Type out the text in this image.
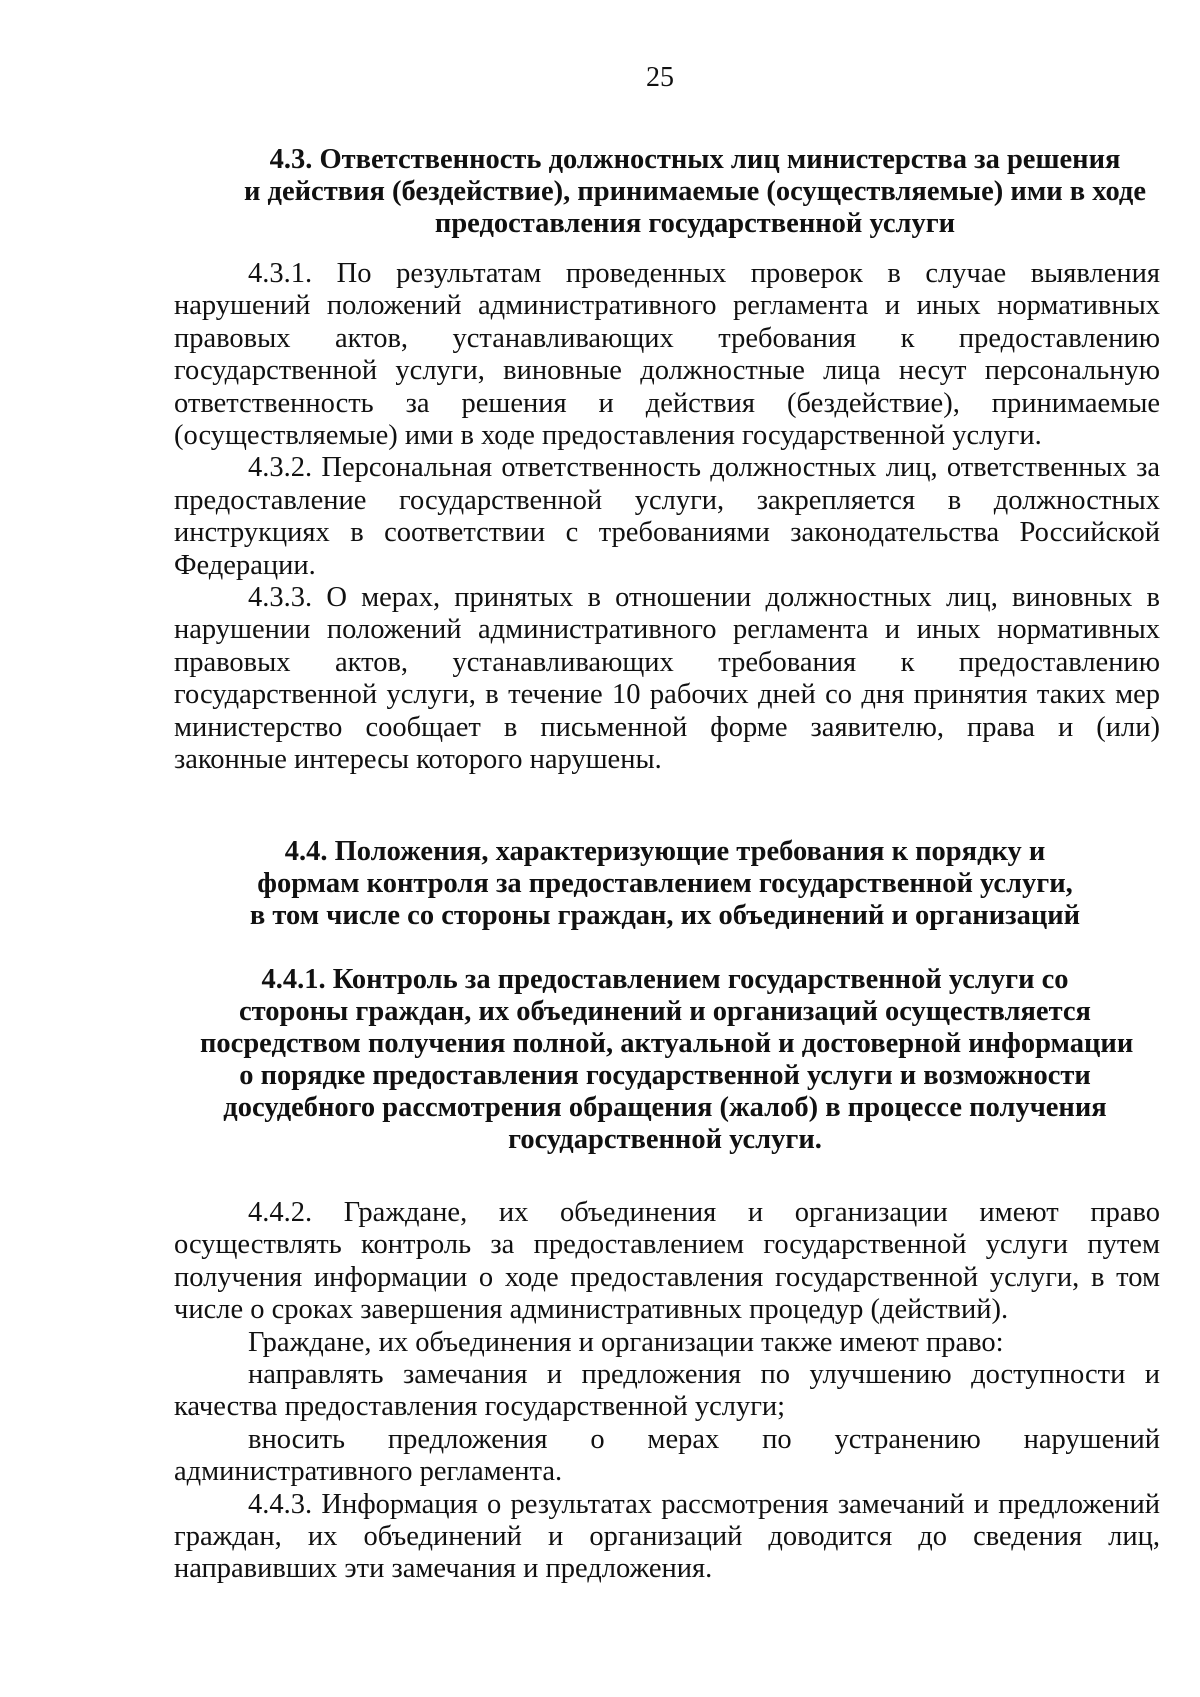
25
4.3. Ответственность должностных лиц министерства за решения
и действия (бездействие), принимаемые (осуществляемые) ими в ходе
предоставления государственной услуги
4.3.1. По результатам проведенных проверок в случае выявления
нарушений положений административного регламента и иных нормативных
правовых актов, устанавливающих требования к предоставлению
государственной услуги, виновные должностные лица несут персональную
ответственность за решения и действия (бездействие), принимаемые
(осуществляемые) ими в ходе предоставления государственной услуги.
4.3.2. Персональная ответственность должностных лиц, ответственных за
предоставление государственной услуги, закрепляется в должностных
инструкциях в соответствии с требованиями законодательства Российской
Федерации.
4.3.3. О мерах, принятых в отношении должностных лиц, виновных в
нарушении положений административного регламента и иных нормативных
правовых актов, устанавливающих требования к предоставлению
государственной услуги, в течение 10 рабочих дней со дня принятия таких мер
министерство сообщает в письменной форме заявителю, права и (или)
законные интересы которого нарушены.
4.4. Положения, характеризующие требования к порядку и
формам контроля за предоставлением государственной услуги,
в том числе со стороны граждан, их объединений и организаций
4.4.1. Контроль за предоставлением государственной услуги со
стороны граждан, их объединений и организаций осуществляется
посредством получения полной, актуальной и достоверной информации
о порядке предоставления государственной услуги и возможности
досудебного рассмотрения обращения (жалоб) в процессе получения
государственной услуги.
4.4.2. Граждане, их объединения и организации имеют право
осуществлять контроль за предоставлением государственной услуги путем
получения информации о ходе предоставления государственной услуги, в том
числе о сроках завершения административных процедур (действий).
Граждане, их объединения и организации также имеют право:
направлять замечания и предложения по улучшению доступности и
качества предоставления государственной услуги;
вносить предложения о мерах по устранению нарушений
административного регламента.
4.4.3. Информация о результатах рассмотрения замечаний и предложений
граждан, их объединений и организаций доводится до сведения лиц,
направивших эти замечания и предложения.
